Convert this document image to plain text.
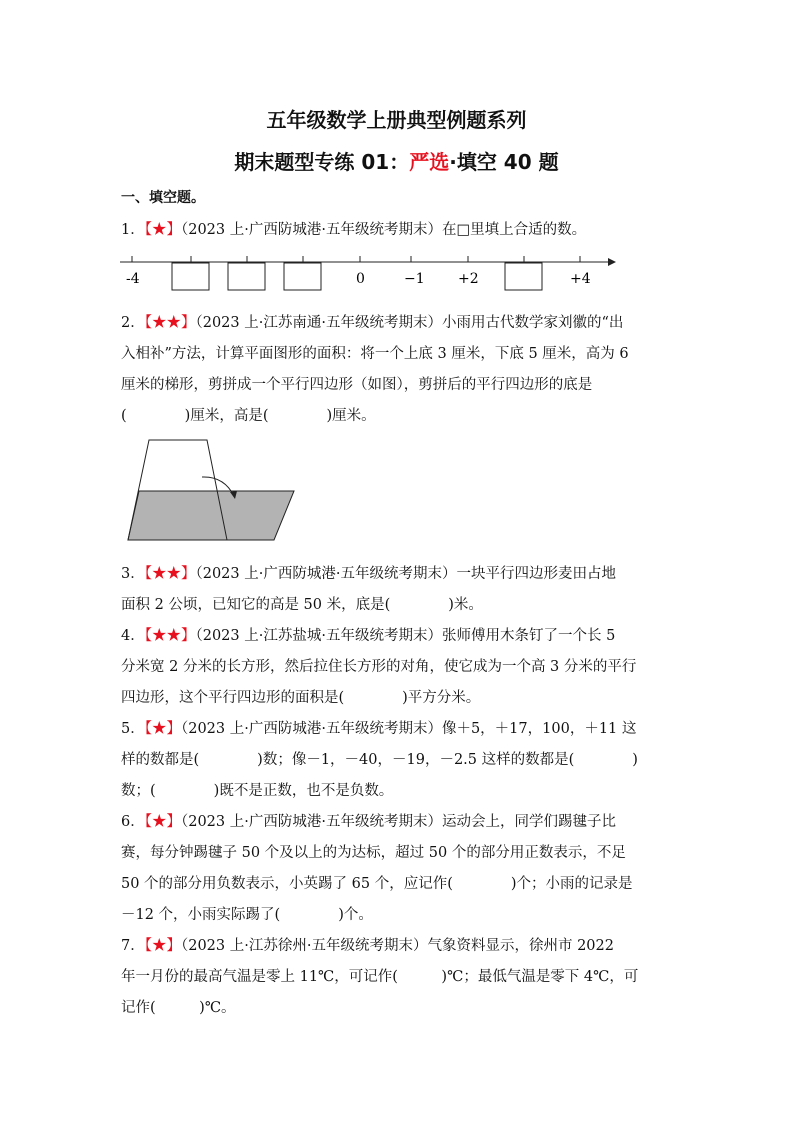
五年级数学上册典型例题系列
期末题型专练 01：严选·填空 40 题
一、填空题。
1．【★】（2023 上·广西防城港·五年级统考期末）在□里填上合适的数。
-4	0	−1 +2	+4
2．【★★】（2023 上·江苏南通·五年级统考期末）小雨用古代数学家刘徽的“出
入相补”方法，计算平面图形的面积：将一个上底 3 厘米，下底 5 厘米，高为 6
厘米的梯形，剪拼成一个平行四边形（如图），剪拼后的平行四边形的底是
(　　　　)厘米，高是(　　　　)厘米。
3．【★★】（2023 上·广西防城港·五年级统考期末）一块平行四边形麦田占地
面积 2 公顷，已知它的高是 50 米，底是(　　　　)米。
4．【★★】（2023 上·江苏盐城·五年级统考期末）张师傅用木条钉了一个长 5
分米宽 2 分米的长方形，然后拉住长方形的对角，使它成为一个高 3 分米的平行
四边形，这个平行四边形的面积是(　　　　)平方分米。
5．【★】（2023 上·广西防城港·五年级统考期末）像＋5，＋17，100，＋11 这
样的数都是(　　　　)数；像－1，－40，－19，－2.5 这样的数都是(　　　　)
数；(　　　　)既不是正数，也不是负数。
6．【★】（2023 上·广西防城港·五年级统考期末）运动会上，同学们踢毽子比
赛，每分钟踢毽子 50 个及以上的为达标，超过 50 个的部分用正数表示，不足
50 个的部分用负数表示，小英踢了 65 个，应记作(　　　　)个；小雨的记录是
－12 个，小雨实际踢了(　　　　)个。
7．【★】（2023 上·江苏徐州·五年级统考期末）气象资料显示，徐州市 2022
年一月份的最高气温是零上 11℃，可记作(　　　)℃；最低气温是零下 4℃，可
记作(　　　)℃。
